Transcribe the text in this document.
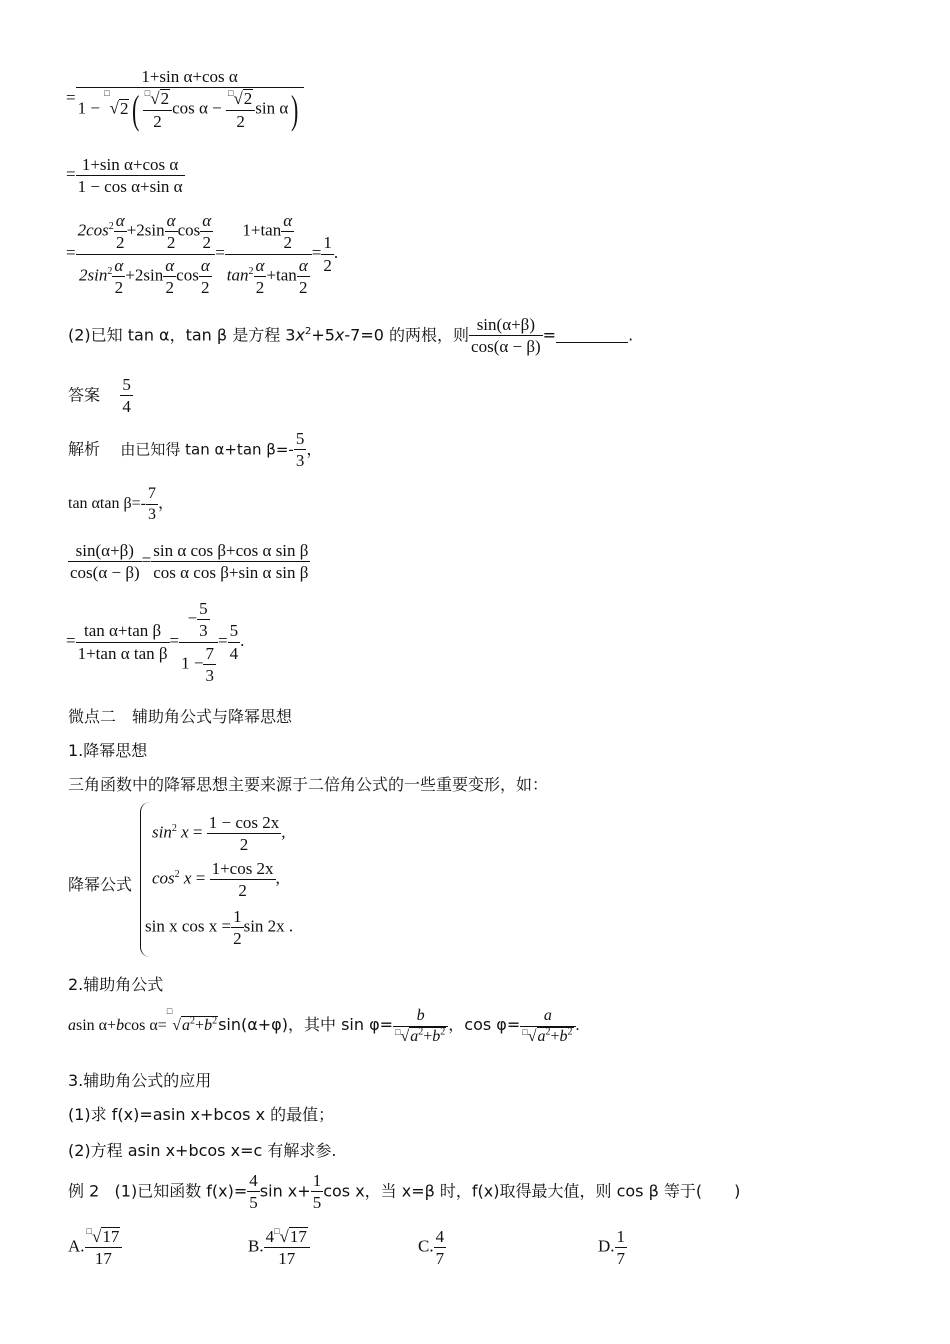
= $\frac{\text{1+sin α+cos α}}{1 - ^□√2( \frac{^□√2}{2} \cos \alpha - \frac{^□√2}{2} \sin \alpha)}$
= $\frac{\text{1+sin α+cos α}}{\text{1 − cos α+sin α}}$
= $\frac{2\cos^2 \frac{\alpha}{2} +2\sin \frac{\alpha}{2} \cos \frac{\alpha}{2}}{2\sin^2 \frac{\alpha}{2} +2\sin \frac{\alpha}{2} \cos \frac{\alpha}{2}} = \frac{1+\tan \frac{\alpha}{2}}{\tan^2 \frac{\alpha}{2} +\tan \frac{\alpha}{2}} = \frac{1}{2}$ .
(2)已知 tan α，tan β 是方程 $3x^2+5x-7=0$ 的两根，则 $\frac{\sin(\alpha+\beta)}{\cos(\alpha - \beta)}$ =	.
答案 $\frac{5}{4}$
解析 由已知得 tan α+tan $\beta=- \frac{5}{3}$ ，
tan αtan $\beta=- \frac{7}{3}$ ，
$\frac{\sin(\alpha+\beta)}{\cos(\alpha - \beta)} = \frac{\text{sin α cos β+cos α sin β}}{\text{cos α cos β+sin α sin β}}$
= $\frac{\text{tan α+tan β}}{\text{1+tan α tan β}} = \frac{- \frac{5}{3}}{1 - \frac{7}{3}} = \frac{5}{4}$ .
微点二　辅助角公式与降幂思想
1.降幂思想
三角函数中的降幂思想主要来源于二倍角公式的一些重要变形，如：
降幂公式
$\sin^2 x = \frac{1 - \cos 2x}{2}$ ,
$\cos^2 x = \frac{1+\cos 2x}{2}$ ,
sin x $\cos x = \frac{1}{2}$ sin 2x .
2.辅助角公式
asin α+bcos $\alpha=^□√a^2+b^2\sin(\alpha+\varphi)$，其中 $\sin \varphi= \frac{b}{^□√a^2+b^2}$ ，$\cos \varphi= \frac{a}{^□√a^2+b^2}$ .
3.辅助角公式的应用
(1)求 f(x)=asin x+bcos x 的最值；
(2)方程 asin x+bcos x=c 有解求参.
例 2 (1)已知函数 $f(x)= \frac{4}{5}$ $\sin x+ \frac{1}{5}$ cos x，当 x=β 时，f(x)取得最大值，则 cos β 等于(　　)
A. $\frac{^□√17}{17}$	B. $\frac{4^□√17}{17}$	C. $\frac{4}{7}$	D. $\frac{1}{7}$
